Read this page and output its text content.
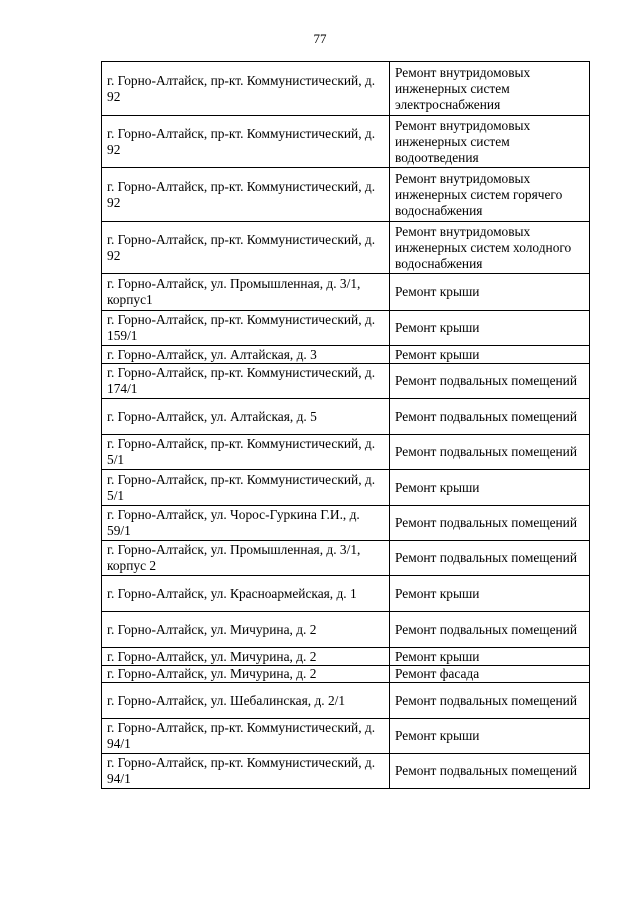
77
г. Горно-Алтайск, пр-кт. Коммунистический, д. 92	Ремонт внутридомовых инженерных систем электроснабжения
г. Горно-Алтайск, пр-кт. Коммунистический, д. 92	Ремонт внутридомовых инженерных систем водоотведения
г. Горно-Алтайск, пр-кт. Коммунистический, д. 92	Ремонт внутридомовых инженерных систем горячего водоснабжения
г. Горно-Алтайск, пр-кт. Коммунистический, д. 92	Ремонт внутридомовых инженерных систем холодного водоснабжения
г. Горно-Алтайск, ул. Промышленная, д. 3/1, корпус1	Ремонт крыши
г. Горно-Алтайск, пр-кт. Коммунистический, д. 159/1	Ремонт крыши
г. Горно-Алтайск, ул. Алтайская, д. 3	Ремонт крыши
г. Горно-Алтайск, пр-кт. Коммунистический, д. 174/1	Ремонт подвальных помещений
г. Горно-Алтайск, ул. Алтайская, д. 5	Ремонт подвальных помещений
г. Горно-Алтайск, пр-кт. Коммунистический, д. 5/1	Ремонт подвальных помещений
г. Горно-Алтайск, пр-кт. Коммунистический, д. 5/1	Ремонт крыши
г. Горно-Алтайск, ул. Чорос-Гуркина Г.И., д. 59/1	Ремонт подвальных помещений
г. Горно-Алтайск, ул. Промышленная, д. 3/1, корпус 2	Ремонт подвальных помещений
г. Горно-Алтайск, ул. Красноармейская, д. 1	Ремонт крыши
г. Горно-Алтайск, ул. Мичурина, д. 2	Ремонт подвальных помещений
г. Горно-Алтайск, ул. Мичурина, д. 2	Ремонт крыши
г. Горно-Алтайск, ул. Мичурина, д. 2	Ремонт фасада
г. Горно-Алтайск, ул. Шебалинская, д. 2/1	Ремонт подвальных помещений
г. Горно-Алтайск, пр-кт. Коммунистический, д. 94/1	Ремонт крыши
г. Горно-Алтайск, пр-кт. Коммунистический, д. 94/1	Ремонт подвальных помещений
